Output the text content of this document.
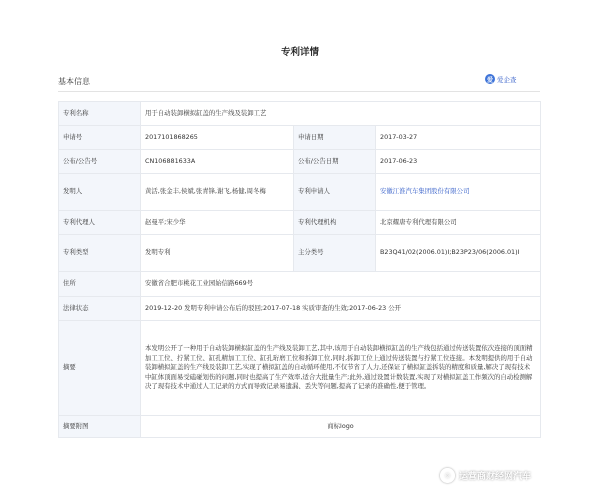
专利详情
基本信息	爱 爱企查
专利名称	用于自动装卸横拟缸盖的生产线及装卸工艺		
申请号	2017101868265	申请日期	2017-03-27
公布/公告号	CN106881633A	公布/公告日期	2017-06-23
发明人	黄活,张金丰,侯斌,张青锋,谢飞,杨健,周冬梅	专利申请人	安徽江淮汽车集团股份有限公司
专利代理人	赵曼平;宋少华	专利代理机构	北京耀唐专利代理有限公司
专利类型	发明专利	主分类号	B23Q41/02(2006.01)I;B23P23/06(2006.01)I
住所	安徽省合肥市桃花工业园始信路669号		
法律状态	2019-12-20 发明专利申请公布后的驳回;2017-07-18 实质审查的生效;2017-06-23 公开		
摘要	本发明公开了一种用于自动装卸横拟缸盖的生产线及装卸工艺,其中,该用于自动装卸横拟缸盖的生产线包括通过传送装置依次连接的顶面精加工工位、拧紧工位、缸孔精加工工位、缸孔珩磨工位和拆卸工位,同时,拆卸工位上通过传送装置与拧紧工位连接。本发明提供的用于自动装卸横拟缸盖的生产线及装卸工艺,实现了横拟缸盖的自动循环使用,不仅节省了人力,还保证了横拟缸盖拆装的精度和质量,解决了现有技术中缸体顶面易受磕碰划伤的问题,同时也提高了生产效率,适合大批量生产;此外,通过设置计数装置,实现了对横拟缸盖工作频次的自动检测解决了现有技术中通过人工记录的方式而导致记录易遗漏、丢失等问题,提高了记录的准确性,便于管理。		
摘要附图	商标logo		
◎ 运营商财经网汽车
